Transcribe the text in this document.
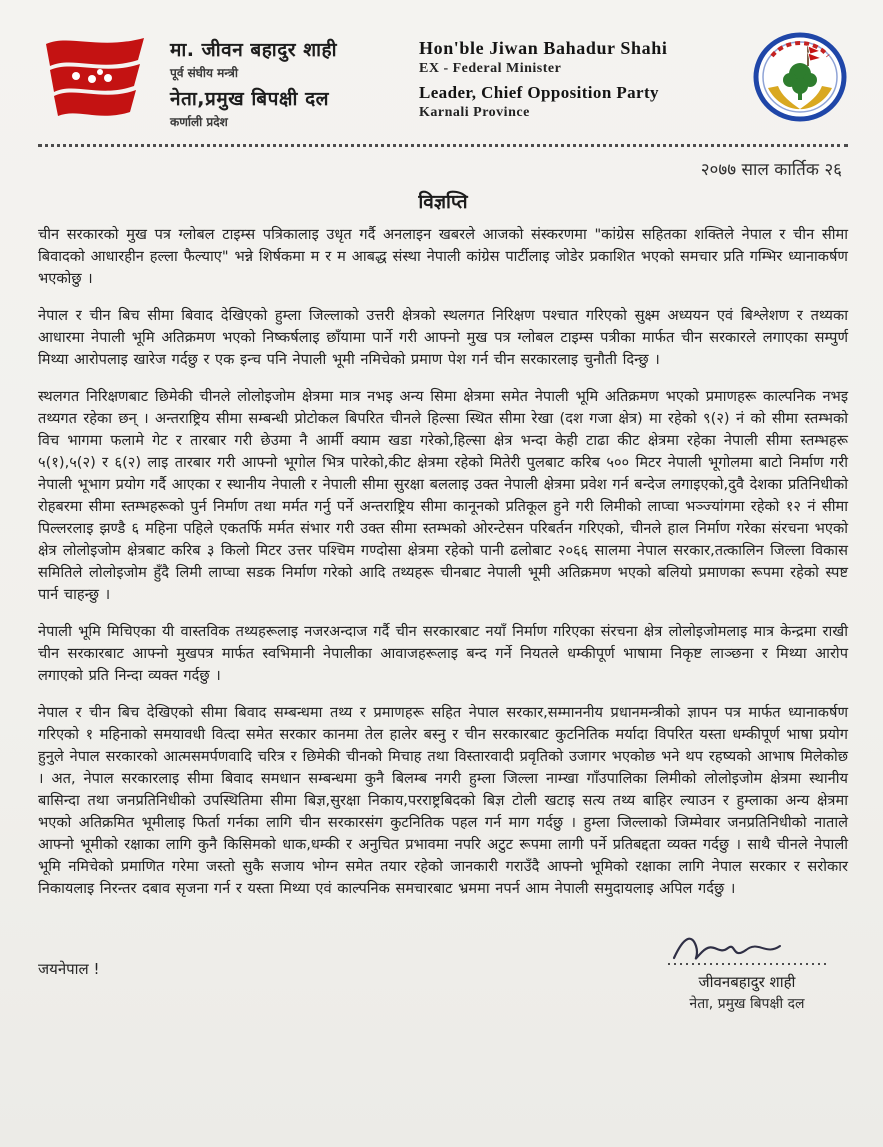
मा. जीवन बहादुर शाही
पूर्व संघीय मन्त्री
नेता,प्रमुख बिपक्षी दल
कर्णाली प्रदेश
Hon'ble Jiwan Bahadur Shahi
EX - Federal Minister
Leader, Chief Opposition Party
Karnali Province
२०७७ साल कार्तिक २६
विज्ञप्ति

चीन सरकारको मुख पत्र ग्लोबल टाइम्स पत्रिकालाइ उधृत गर्दै अनलाइन खबरले आजको संस्करणमा "कांग्रेस सहितका शक्तिले नेपाल र चीन सीमा बिवादको आधारहीन हल्ला फैल्याए" भन्ने शिर्षकमा म र म आबद्ध संस्था नेपाली कांग्रेस पार्टीलाइ जोडेर प्रकाशित भएको समचार प्रति गम्भिर ध्यानाकर्षण भएकोछु ।

नेपाल र चीन बिच सीमा बिवाद देखिएको हुम्ला जिल्लाको उत्तरी क्षेत्रको स्थलगत निरिक्षण पश्चात गरिएको सुक्ष्म अध्ययन एवं बिश्लेशण र तथ्यका आधारमा नेपाली भूमि अतिक्रमण भएको निष्कर्षलाइ छाँयामा पार्ने गरी आफ्नो मुख पत्र ग्लोबल टाइम्स पत्रीका मार्फत चीन सरकारले लगाएका सम्पुर्ण मिथ्या आरोपलाइ खारेज गर्दछु र एक इन्च पनि नेपाली भूमी नमिचेको प्रमाण पेश गर्न चीन सरकारलाइ चुनौती दिन्छु ।

स्थलगत निरिक्षणबाट छिमेकी चीनले लोलोइजोम क्षेत्रमा मात्र नभइ अन्य सिमा क्षेत्रमा समेत नेपाली भूमि अतिक्रमण भएको प्रमाणहरू काल्पनिक नभइ तथ्यगत रहेका छन् । अन्तराष्ट्रिय सीमा सम्बन्धी प्रोटोकल बिपरित चीनले हिल्सा स्थित सीमा रेखा (दश गजा क्षेत्र) मा रहेको ९(२) नं को सीमा स्तम्भको विच भागमा फलामे गेट र तारबार गरी छेउमा नै आर्मी क्याम खडा गरेको,हिल्सा क्षेत्र भन्दा केही टाढा कीट क्षेत्रमा रहेका नेपाली सीमा स्तम्भहरू ५(१),५(२) र ६(२) लाइ तारबार गरी आफ्नो भूगोल भित्र पारेको,कीट क्षेत्रमा रहेको मितेरी पुलबाट करिब ५०० मिटर नेपाली भूगोलमा बाटो निर्माण गरी नेपाली भूभाग प्रयोग गर्दै आएका र स्थानीय नेपाली र नेपाली सीमा सुरक्षा बललाइ उक्त नेपाली क्षेत्रमा प्रवेश गर्न बन्देज लगाइएको,दुवै देशका प्रतिनिधीको रोहबरमा सीमा स्तम्भहरूको पुर्न निर्माण तथा मर्मत गर्नु पर्ने अन्तराष्ट्रिय सीमा कानूनको प्रतिकूल हुने गरी लिमीको लाप्चा भञ्ज्यांगमा रहेको १२ नं सीमा पिल्लरलाइ झण्डै ६ महिना पहिले एकतर्फि मर्मत संभार गरी उक्त सीमा स्तम्भको ओरन्टेसन परिबर्तन गरिएको, चीनले हाल निर्माण गरेका संरचना भएको क्षेत्र लोलोइजोम क्षेत्रबाट करिब ३ किलो मिटर उत्तर पश्चिम गण्दोसा क्षेत्रमा रहेको पानी ढलोबाट २०६६ सालमा नेपाल सरकार,तत्कालिन जिल्ला विकास समितिले लोलोइजोम हुँदै लिमी लाप्चा सडक निर्माण गरेको आदि तथ्यहरू चीनबाट नेपाली भूमी अतिक्रमण भएको बलियो प्रमाणका रूपमा रहेको स्पष्ट पार्न चाहन्छु ।

नेपाली भूमि मिचिएका यी वास्तविक तथ्यहरूलाइ नजरअन्दाज गर्दै चीन सरकारबाट नयाँ निर्माण गरिएका संरचना क्षेत्र लोलोइजोमलाइ मात्र केन्द्रमा राखी चीन सरकारबाट आफ्नो मुखपत्र मार्फत स्वभिमानी नेपालीका आवाजहरूलाइ बन्द गर्ने नियतले धम्कीपूर्ण भाषामा निकृष्ट लाञ्छना र मिथ्या आरोप लगाएको प्रति निन्दा व्यक्त गर्दछु ।

नेपाल र चीन बिच देखिएको सीमा बिवाद सम्बन्धमा तथ्य र प्रमाणहरू सहित नेपाल सरकार,सम्माननीय प्रधानमन्त्रीको ज्ञापन पत्र मार्फत ध्यानाकर्षण गरिएको १ महिनाको समयावधी वित्दा समेत सरकार कानमा तेल हालेर बस्नु र चीन सरकारबाट कुटनितिक मर्यादा विपरित यस्ता धम्कीपूर्ण भाषा प्रयोग हुनुले नेपाल सरकारको आत्मसमर्पणवादि चरित्र र छिमेकी चीनको मिचाह तथा विस्तारवादी प्रवृतिको उजागर भएकोछ भने थप रहष्यको आभाष मिलेकोछ । अत, नेपाल सरकारलाइ सीमा बिवाद समधान सम्बन्धमा कुनै बिलम्ब नगरी हुम्ला जिल्ला नाम्खा गाँउपालिका लिमीको लोलोइजोम क्षेत्रमा स्थानीय बासिन्दा तथा जनप्रतिनिधीको उपस्थितिमा सीमा बिज्ञ,सुरक्षा निकाय,परराष्ट्रबिदको बिज्ञ टोली खटाइ सत्य तथ्य बाहिर ल्याउन र हुम्लाका अन्य क्षेत्रमा भएको अतिक्रमित भूमीलाइ फिर्ता गर्नका लागि चीन सरकारसंग कुटनितिक पहल गर्न माग गर्दछु । हुम्ला जिल्लाको जिम्मेवार जनप्रतिनिधीको नाताले आफ्नो भूमीको रक्षाका लागि कुनै किसिमको धाक,धम्की र अनुचित प्रभावमा नपरि अटुट रूपमा लागी पर्ने प्रतिबद्दता व्यक्त गर्दछु । साथै चीनले नेपाली भूमि नमिचेको प्रमाणित गरेमा जस्तो सुकै सजाय भोग्न समेत तयार रहेको जानकारी गराउँदै आफ्नो भूमिको रक्षाका लागि नेपाल सरकार र सरोकार निकायलाइ निरन्तर दबाव सृजना गर्न र यस्ता मिथ्या एवं काल्पनिक समचारबाट भ्रममा नपर्न आम नेपाली समुदायलाइ अपिल गर्दछु ।

जयनेपाल !
जीवनबहादुर शाही
नेता, प्रमुख बिपक्षी दल
